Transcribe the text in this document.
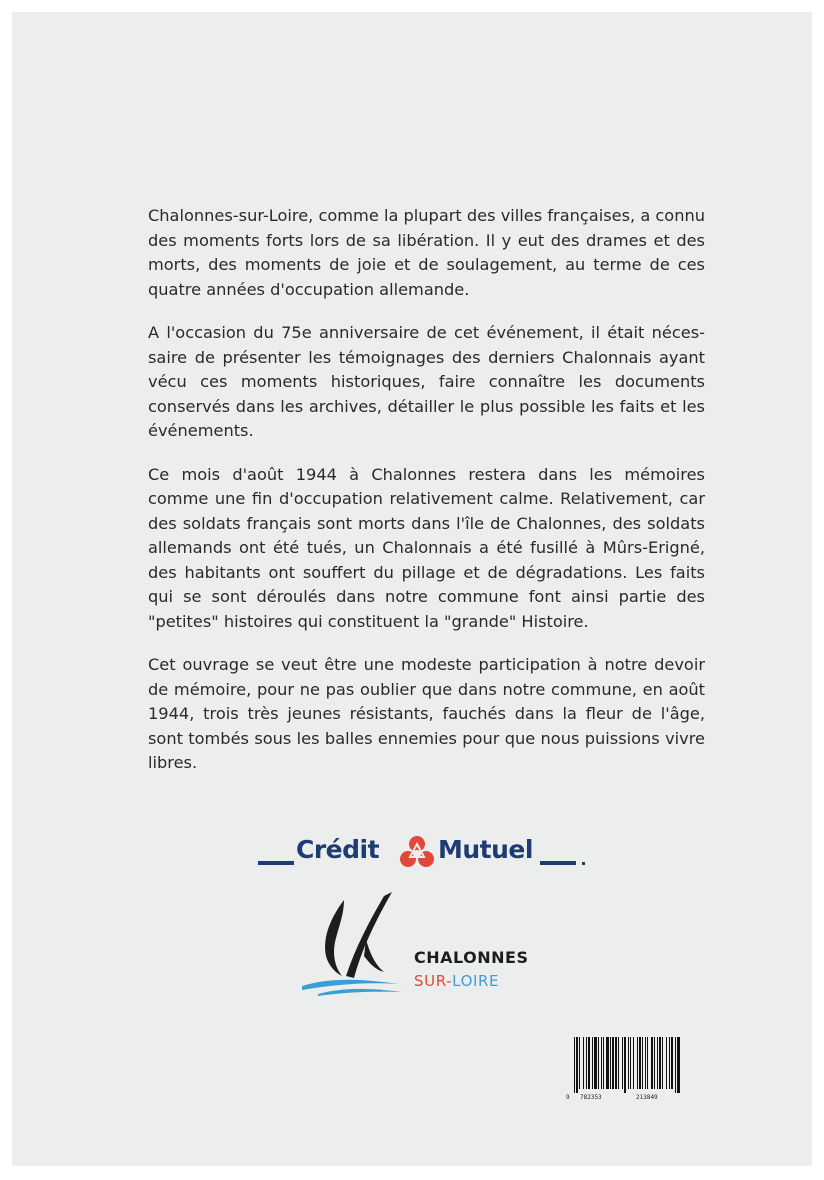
Chalonnes-sur-Loire, comme la plupart des villes françaises, a connu des moments forts lors de sa libération. Il y eut des drames et des morts, des moments de joie et de soulagement, au terme de ces quatre années d'occupation allemande.

A l'occasion du 75e anniversaire de cet événement, il était nécessaire de présenter les témoignages des derniers Chalonnais ayant vécu ces moments historiques, faire connaître les documents conservés dans les archives, détailler le plus possible les faits et les événements.

Ce mois d'août 1944 à Chalonnes restera dans les mémoires comme une fin d'occupation relativement calme. Relativement, car des soldats français sont morts dans l'île de Chalonnes, des soldats allemands ont été tués, un Chalonnais a été fusillé à Mûrs-Erigné, des habitants ont souffert du pillage et de dégradations. Les faits qui se sont déroulés dans notre commune font ainsi partie des "petites" histoires qui constituent la "grande" Histoire.

Cet ouvrage se veut être une modeste participation à notre devoir de mémoire, pour ne pas oublier que dans notre commune, en août 1944, trois très jeunes résistants, fauchés dans la fleur de l'âge, sont tombés sous les balles ennemies pour que nous puissions vivre libres.

Crédit Mutuel
CHALONNES
SUR-LOIRE
9 782353	213849
